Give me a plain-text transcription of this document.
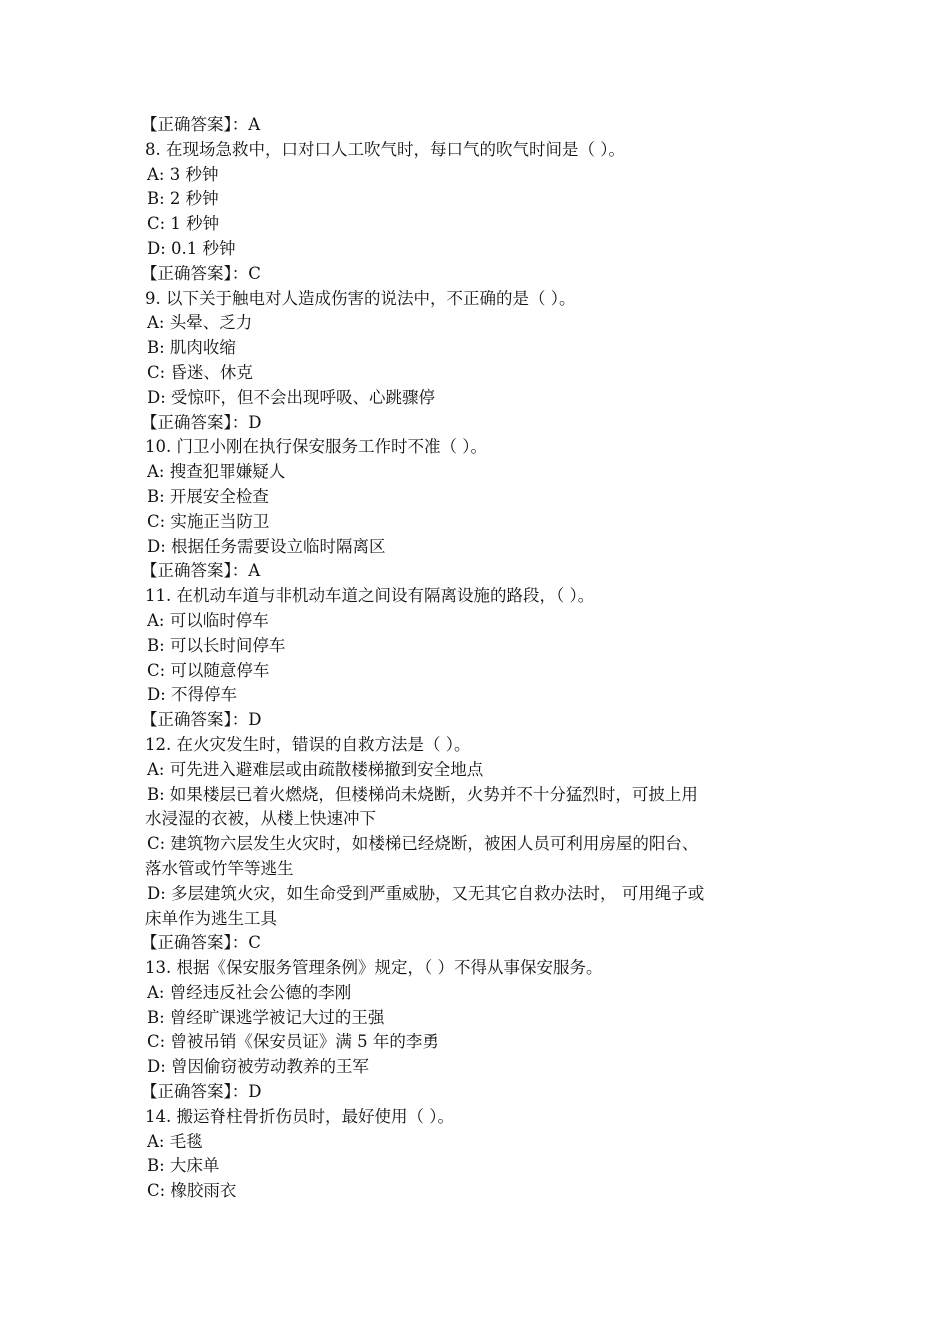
【正确答案】：A
8. 在现场急救中，口对口人工吹气时，每口气的吹气时间是（ ）。
A: 3 秒钟
B: 2 秒钟
C: 1 秒钟
D: 0.1 秒钟
【正确答案】：C
9. 以下关于触电对人造成伤害的说法中，不正确的是（ ）。
A: 头晕、乏力
B: 肌肉收缩
C: 昏迷、休克
D: 受惊吓，但不会出现呼吸、心跳骤停
【正确答案】：D
10. 门卫小刚在执行保安服务工作时不准（ ）。
A: 搜查犯罪嫌疑人
B: 开展安全检查
C: 实施正当防卫
D: 根据任务需要设立临时隔离区
【正确答案】：A
11. 在机动车道与非机动车道之间设有隔离设施的路段，（ ）。
A: 可以临时停车
B: 可以长时间停车
C: 可以随意停车
D: 不得停车
【正确答案】：D
12. 在火灾发生时，错误的自救方法是（ ）。
A: 可先进入避难层或由疏散楼梯撤到安全地点
B: 如果楼层已着火燃烧，但楼梯尚未烧断，火势并不十分猛烈时，可披上用
水浸湿的衣被，从楼上快速冲下
C: 建筑物六层发生火灾时，如楼梯已经烧断，被困人员可利用房屋的阳台、
落水管或竹竿等逃生
D: 多层建筑火灾，如生命受到严重威胁，又无其它自救办法时， 可用绳子或
床单作为逃生工具
【正确答案】：C
13. 根据《保安服务管理条例》规定，（ ）不得从事保安服务。
A: 曾经违反社会公德的李刚
B: 曾经旷课逃学被记大过的王强
C: 曾被吊销《保安员证》满 5 年的李勇
D: 曾因偷窃被劳动教养的王军
【正确答案】：D
14. 搬运脊柱骨折伤员时，最好使用（ ）。
A: 毛毯
B: 大床单
C: 橡胶雨衣
